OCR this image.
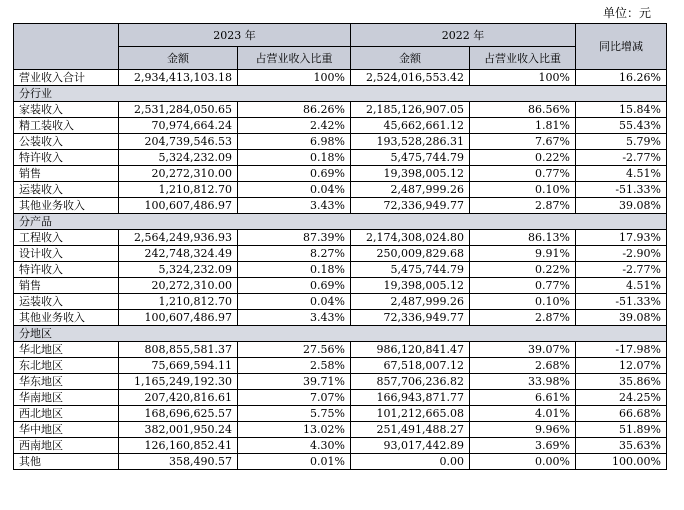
单位：元
	2023 年		2022 年		同比增减
	金额	占营业收入比重	金额	占营业收入比重	
营业收入合计	2,934,413,103.18	100%	2,524,016,553.42	100%	16.26%
分行业					
家装收入	2,531,284,050.65	86.26%	2,185,126,907.05	86.56%	15.84%
精工装收入	70,974,664.24	2.42%	45,662,661.12	1.81%	55.43%
公装收入	204,739,546.53	6.98%	193,528,286.31	7.67%	5.79%
特许收入	5,324,232.09	0.18%	5,475,744.79	0.22%	-2.77%
销售	20,272,310.00	0.69%	19,398,005.12	0.77%	4.51%
运装收入	1,210,812.70	0.04%	2,487,999.26	0.10%	-51.33%
其他业务收入	100,607,486.97	3.43%	72,336,949.77	2.87%	39.08%
分产品					
工程收入	2,564,249,936.93	87.39%	2,174,308,024.80	86.13%	17.93%
设计收入	242,748,324.49	8.27%	250,009,829.68	9.91%	-2.90%
特许收入	5,324,232.09	0.18%	5,475,744.79	0.22%	-2.77%
销售	20,272,310.00	0.69%	19,398,005.12	0.77%	4.51%
运装收入	1,210,812.70	0.04%	2,487,999.26	0.10%	-51.33%
其他业务收入	100,607,486.97	3.43%	72,336,949.77	2.87%	39.08%
分地区					
华北地区	808,855,581.37	27.56%	986,120,841.47	39.07%	-17.98%
东北地区	75,669,594.11	2.58%	67,518,007.12	2.68%	12.07%
华东地区	1,165,249,192.30	39.71%	857,706,236.82	33.98%	35.86%
华南地区	207,420,816.61	7.07%	166,943,871.77	6.61%	24.25%
西北地区	168,696,625.57	5.75%	101,212,665.08	4.01%	66.68%
华中地区	382,001,950.24	13.02%	251,491,488.27	9.96%	51.89%
西南地区	126,160,852.41	4.30%	93,017,442.89	3.69%	35.63%
其他	358,490.57	0.01%	0.00	0.00%	100.00%
